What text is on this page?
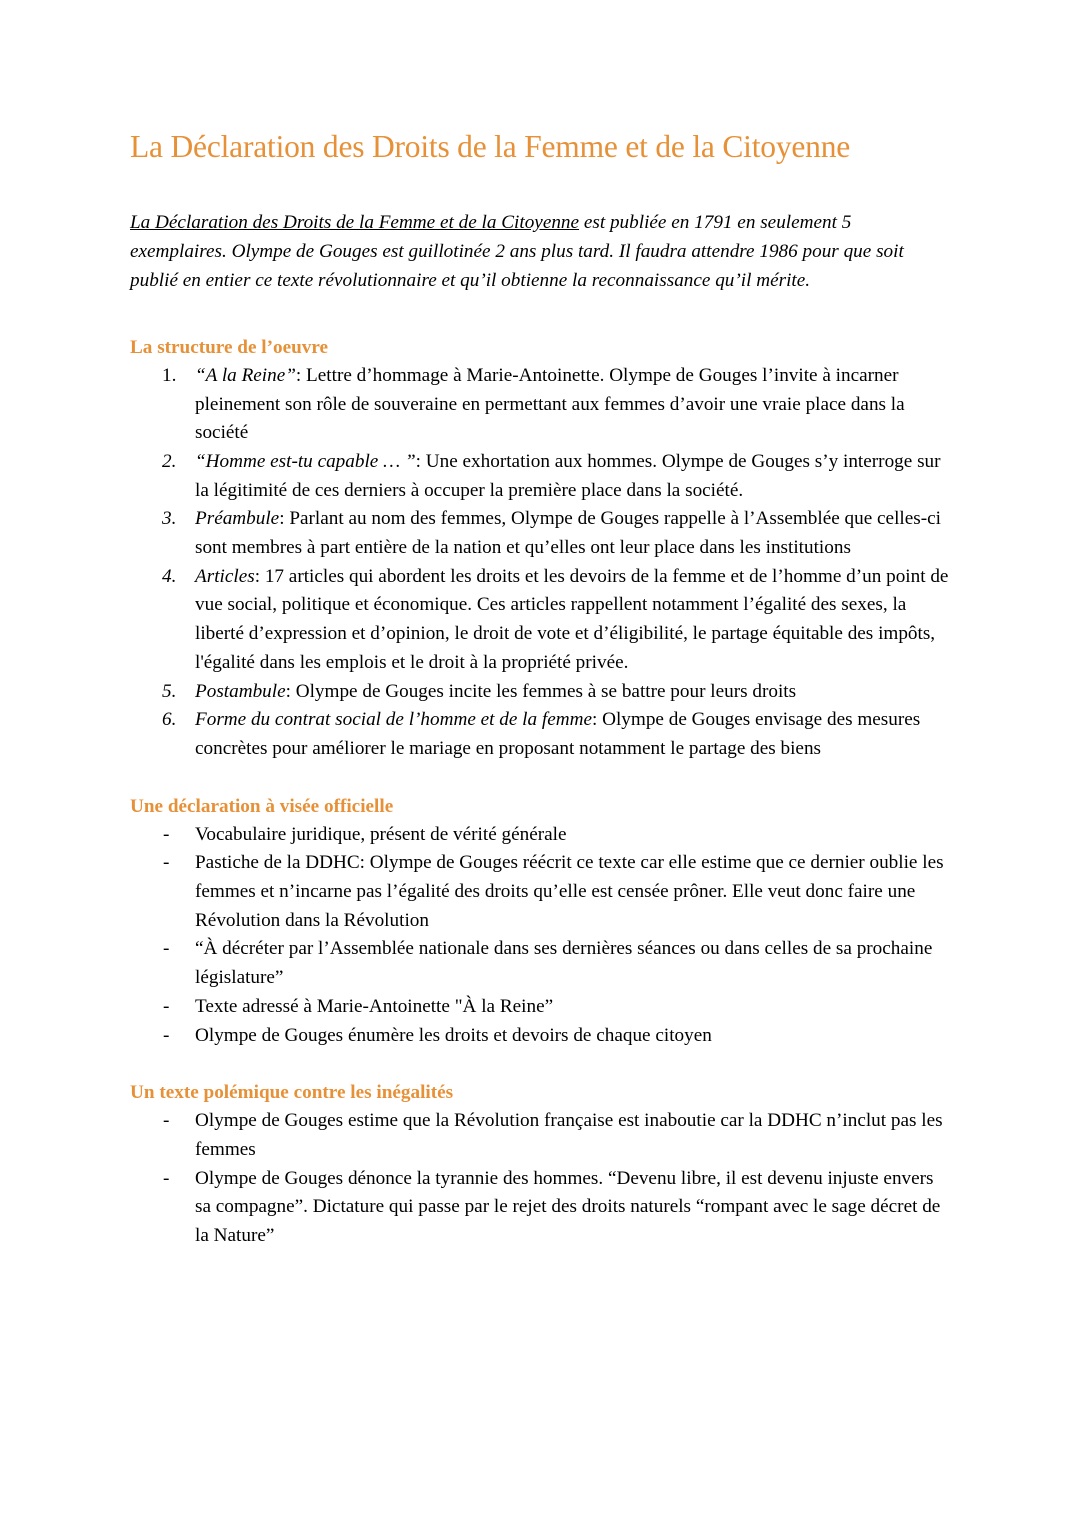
La Déclaration des Droits de la Femme et de la Citoyenne

La Déclaration des Droits de la Femme et de la Citoyenne est publiée en 1791 en seulement 5 exemplaires. Olympe de Gouges est guillotinée 2 ans plus tard. Il faudra attendre 1986 pour que soit publié en entier ce texte révolutionnaire et qu’il obtienne la reconnaissance qu’il mérite.

La structure de l’oeuvre
1. “A la Reine”: Lettre d’hommage à Marie-Antoinette. Olympe de Gouges l’invite à incarner pleinement son rôle de souveraine en permettant aux femmes d’avoir une vraie place dans la société
2. “Homme est-tu capable … ”: Une exhortation aux hommes. Olympe de Gouges s’y interroge sur la légitimité de ces derniers à occuper la première place dans la société.
3. Préambule: Parlant au nom des femmes, Olympe de Gouges rappelle à l’Assemblée que celles-ci sont membres à part entière de la nation et qu’elles ont leur place dans les institutions
4. Articles: 17 articles qui abordent les droits et les devoirs de la femme et de l’homme d’un point de vue social, politique et économique. Ces articles rappellent notamment l’égalité des sexes, la liberté d’expression et d’opinion, le droit de vote et d’éligibilité, le partage équitable des impôts, l'égalité dans les emplois et le droit à la propriété privée.
5. Postambule: Olympe de Gouges incite les femmes à se battre pour leurs droits
6. Forme du contrat social de l’homme et de la femme: Olympe de Gouges envisage des mesures concrètes pour améliorer le mariage en proposant notamment le partage des biens
Une déclaration à visée officielle
- Vocabulaire juridique, présent de vérité générale
- Pastiche de la DDHC: Olympe de Gouges réécrit ce texte car elle estime que ce dernier oublie les femmes et n’incarne pas l’égalité des droits qu’elle est censée prôner. Elle veut donc faire une Révolution dans la Révolution
- “À décréter par l’Assemblée nationale dans ses dernières séances ou dans celles de sa prochaine législature”
- Texte adressé à Marie-Antoinette "À la Reine”
- Olympe de Gouges énumère les droits et devoirs de chaque citoyen
Un texte polémique contre les inégalités
- Olympe de Gouges estime que la Révolution française est inaboutie car la DDHC n’inclut pas les femmes
- Olympe de Gouges dénonce la tyrannie des hommes. “Devenu libre, il est devenu injuste envers sa compagne”. Dictature qui passe par le rejet des droits naturels “rompant avec le sage décret de la Nature”
